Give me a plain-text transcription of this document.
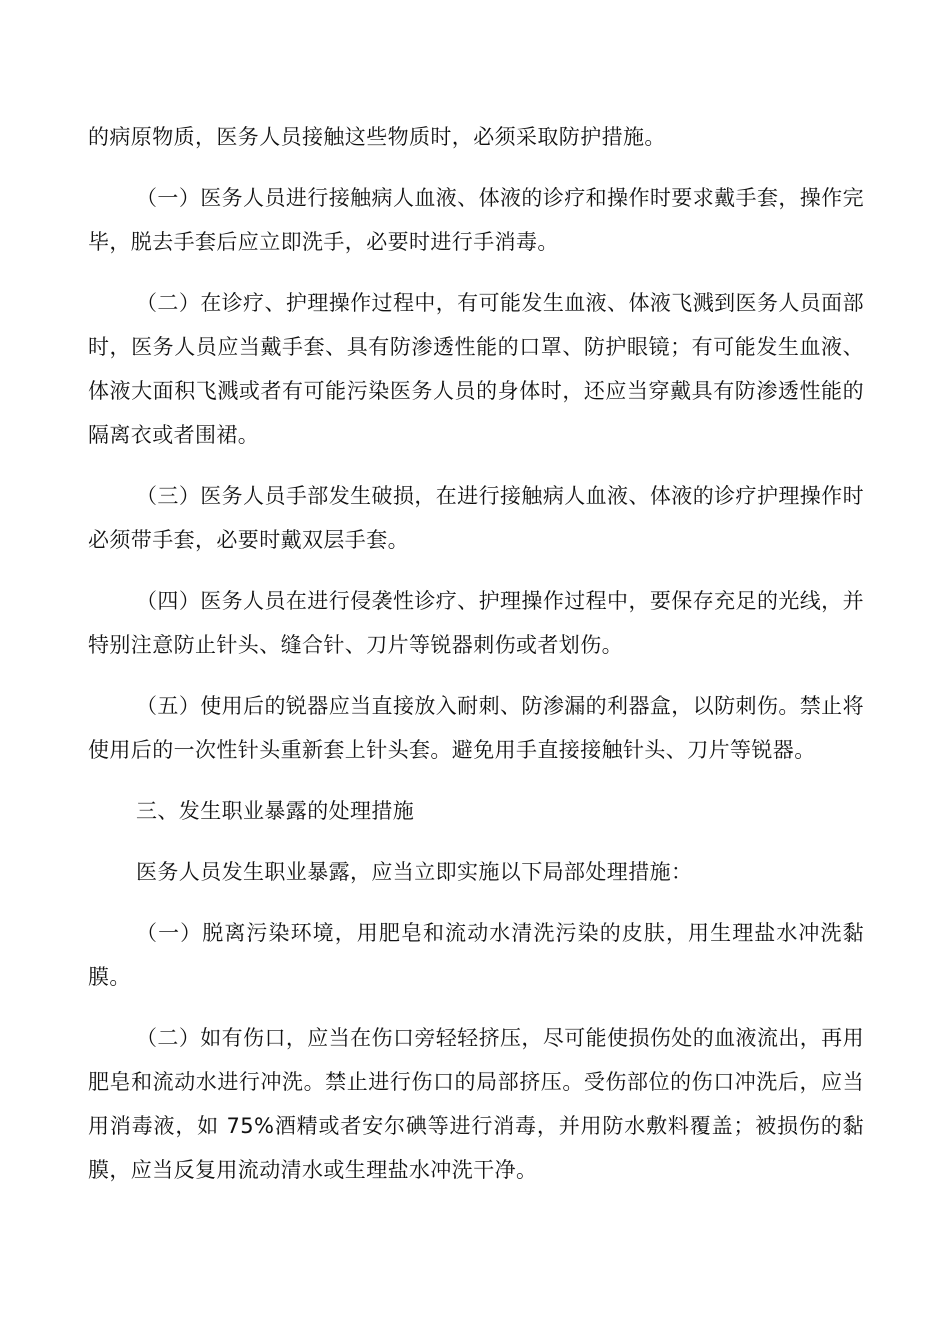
的病原物质，医务人员接触这些物质时，必须采取防护措施。

（一）医务人员进行接触病人血液、体液的诊疗和操作时要求戴手套，操作完毕，脱去手套后应立即洗手，必要时进行手消毒。

（二）在诊疗、护理操作过程中，有可能发生血液、体液飞溅到医务人员面部时，医务人员应当戴手套、具有防渗透性能的口罩、防护眼镜；有可能发生血液、体液大面积飞溅或者有可能污染医务人员的身体时，还应当穿戴具有防渗透性能的隔离衣或者围裙。

（三）医务人员手部发生破损，在进行接触病人血液、体液的诊疗护理操作时必须带手套，必要时戴双层手套。

（四）医务人员在进行侵袭性诊疗、护理操作过程中，要保存充足的光线，并特别注意防止针头、缝合针、刀片等锐器刺伤或者划伤。

（五）使用后的锐器应当直接放入耐刺、防渗漏的利器盒，以防刺伤。禁止将使用后的一次性针头重新套上针头套。避免用手直接接触针头、刀片等锐器。

三、发生职业暴露的处理措施

医务人员发生职业暴露，应当立即实施以下局部处理措施：

（一）脱离污染环境，用肥皂和流动水清洗污染的皮肤，用生理盐水冲洗黏膜。

（二）如有伤口，应当在伤口旁轻轻挤压，尽可能使损伤处的血液流出，再用肥皂和流动水进行冲洗。禁止进行伤口的局部挤压。受伤部位的伤口冲洗后，应当用消毒液，如 75%酒精或者安尔碘等进行消毒，并用防水敷料覆盖；被损伤的黏膜，应当反复用流动清水或生理盐水冲洗干净。
